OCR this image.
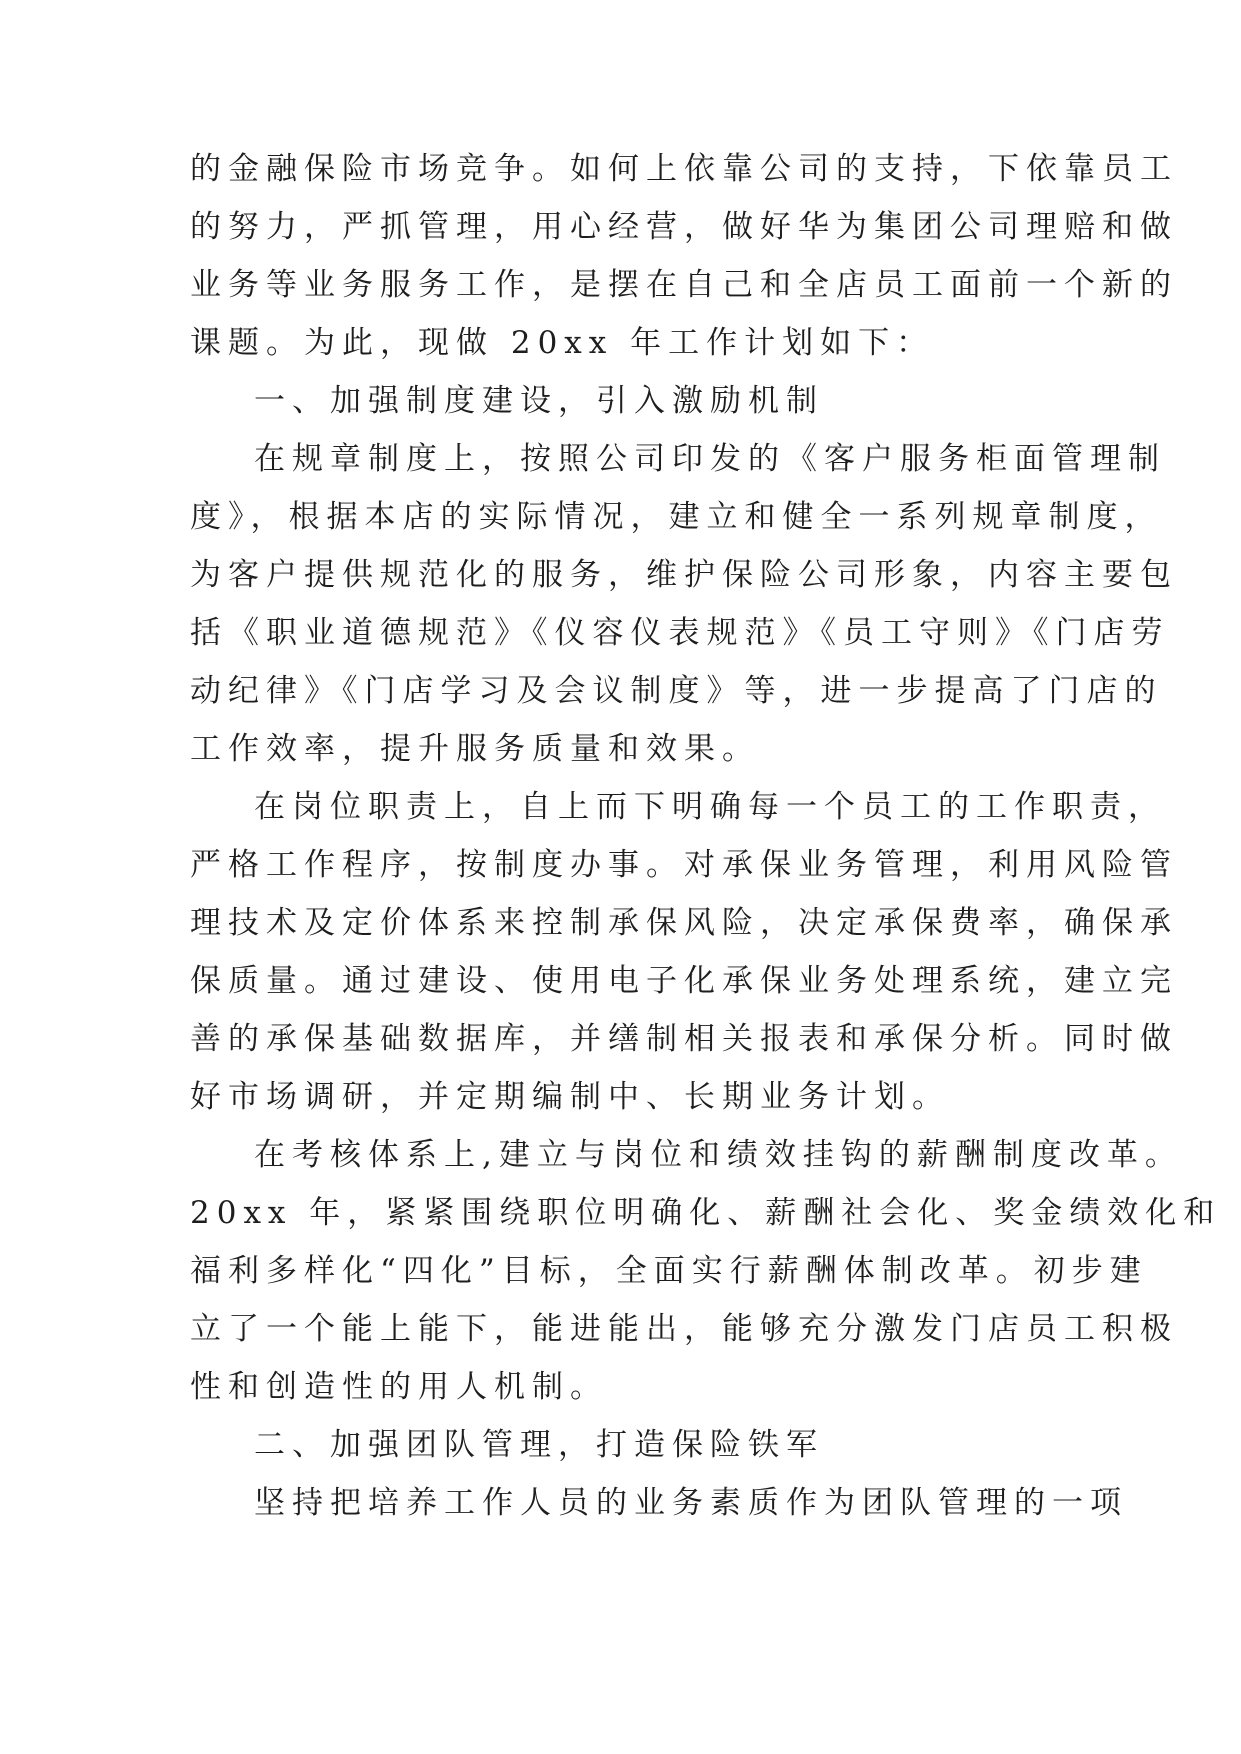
的金融保险市场竞争。如何上依靠公司的支持，下依靠员工
的努力，严抓管理，用心经营，做好华为集团公司理赔和做
业务等业务服务工作，是摆在自己和全店员工面前一个新的
课题。为此，现做 20xx 年工作计划如下：
一、加强制度建设，引入激励机制
在规章制度上，按照公司印发的《客户服务柜面管理制
度》，根据本店的实际情况，建立和健全一系列规章制度，
为客户提供规范化的服务，维护保险公司形象，内容主要包
括《职业道德规范》《仪容仪表规范》《员工守则》《门店劳
动纪律》《门店学习及会议制度》等，进一步提高了门店的
工作效率，提升服务质量和效果。
在岗位职责上，自上而下明确每一个员工的工作职责，
严格工作程序，按制度办事。对承保业务管理，利用风险管
理技术及定价体系来控制承保风险，决定承保费率，确保承
保质量。通过建设、使用电子化承保业务处理系统，建立完
善的承保基础数据库，并缮制相关报表和承保分析。同时做
好市场调研，并定期编制中、长期业务计划。
在考核体系上,建立与岗位和绩效挂钩的薪酬制度改革。
20xx 年，紧紧围绕职位明确化、薪酬社会化、奖金绩效化和
福利多样化“四化”目标，全面实行薪酬体制改革。初步建
立了一个能上能下，能进能出，能够充分激发门店员工积极
性和创造性的用人机制。
二、加强团队管理，打造保险铁军
坚持把培养工作人员的业务素质作为团队管理的一项
